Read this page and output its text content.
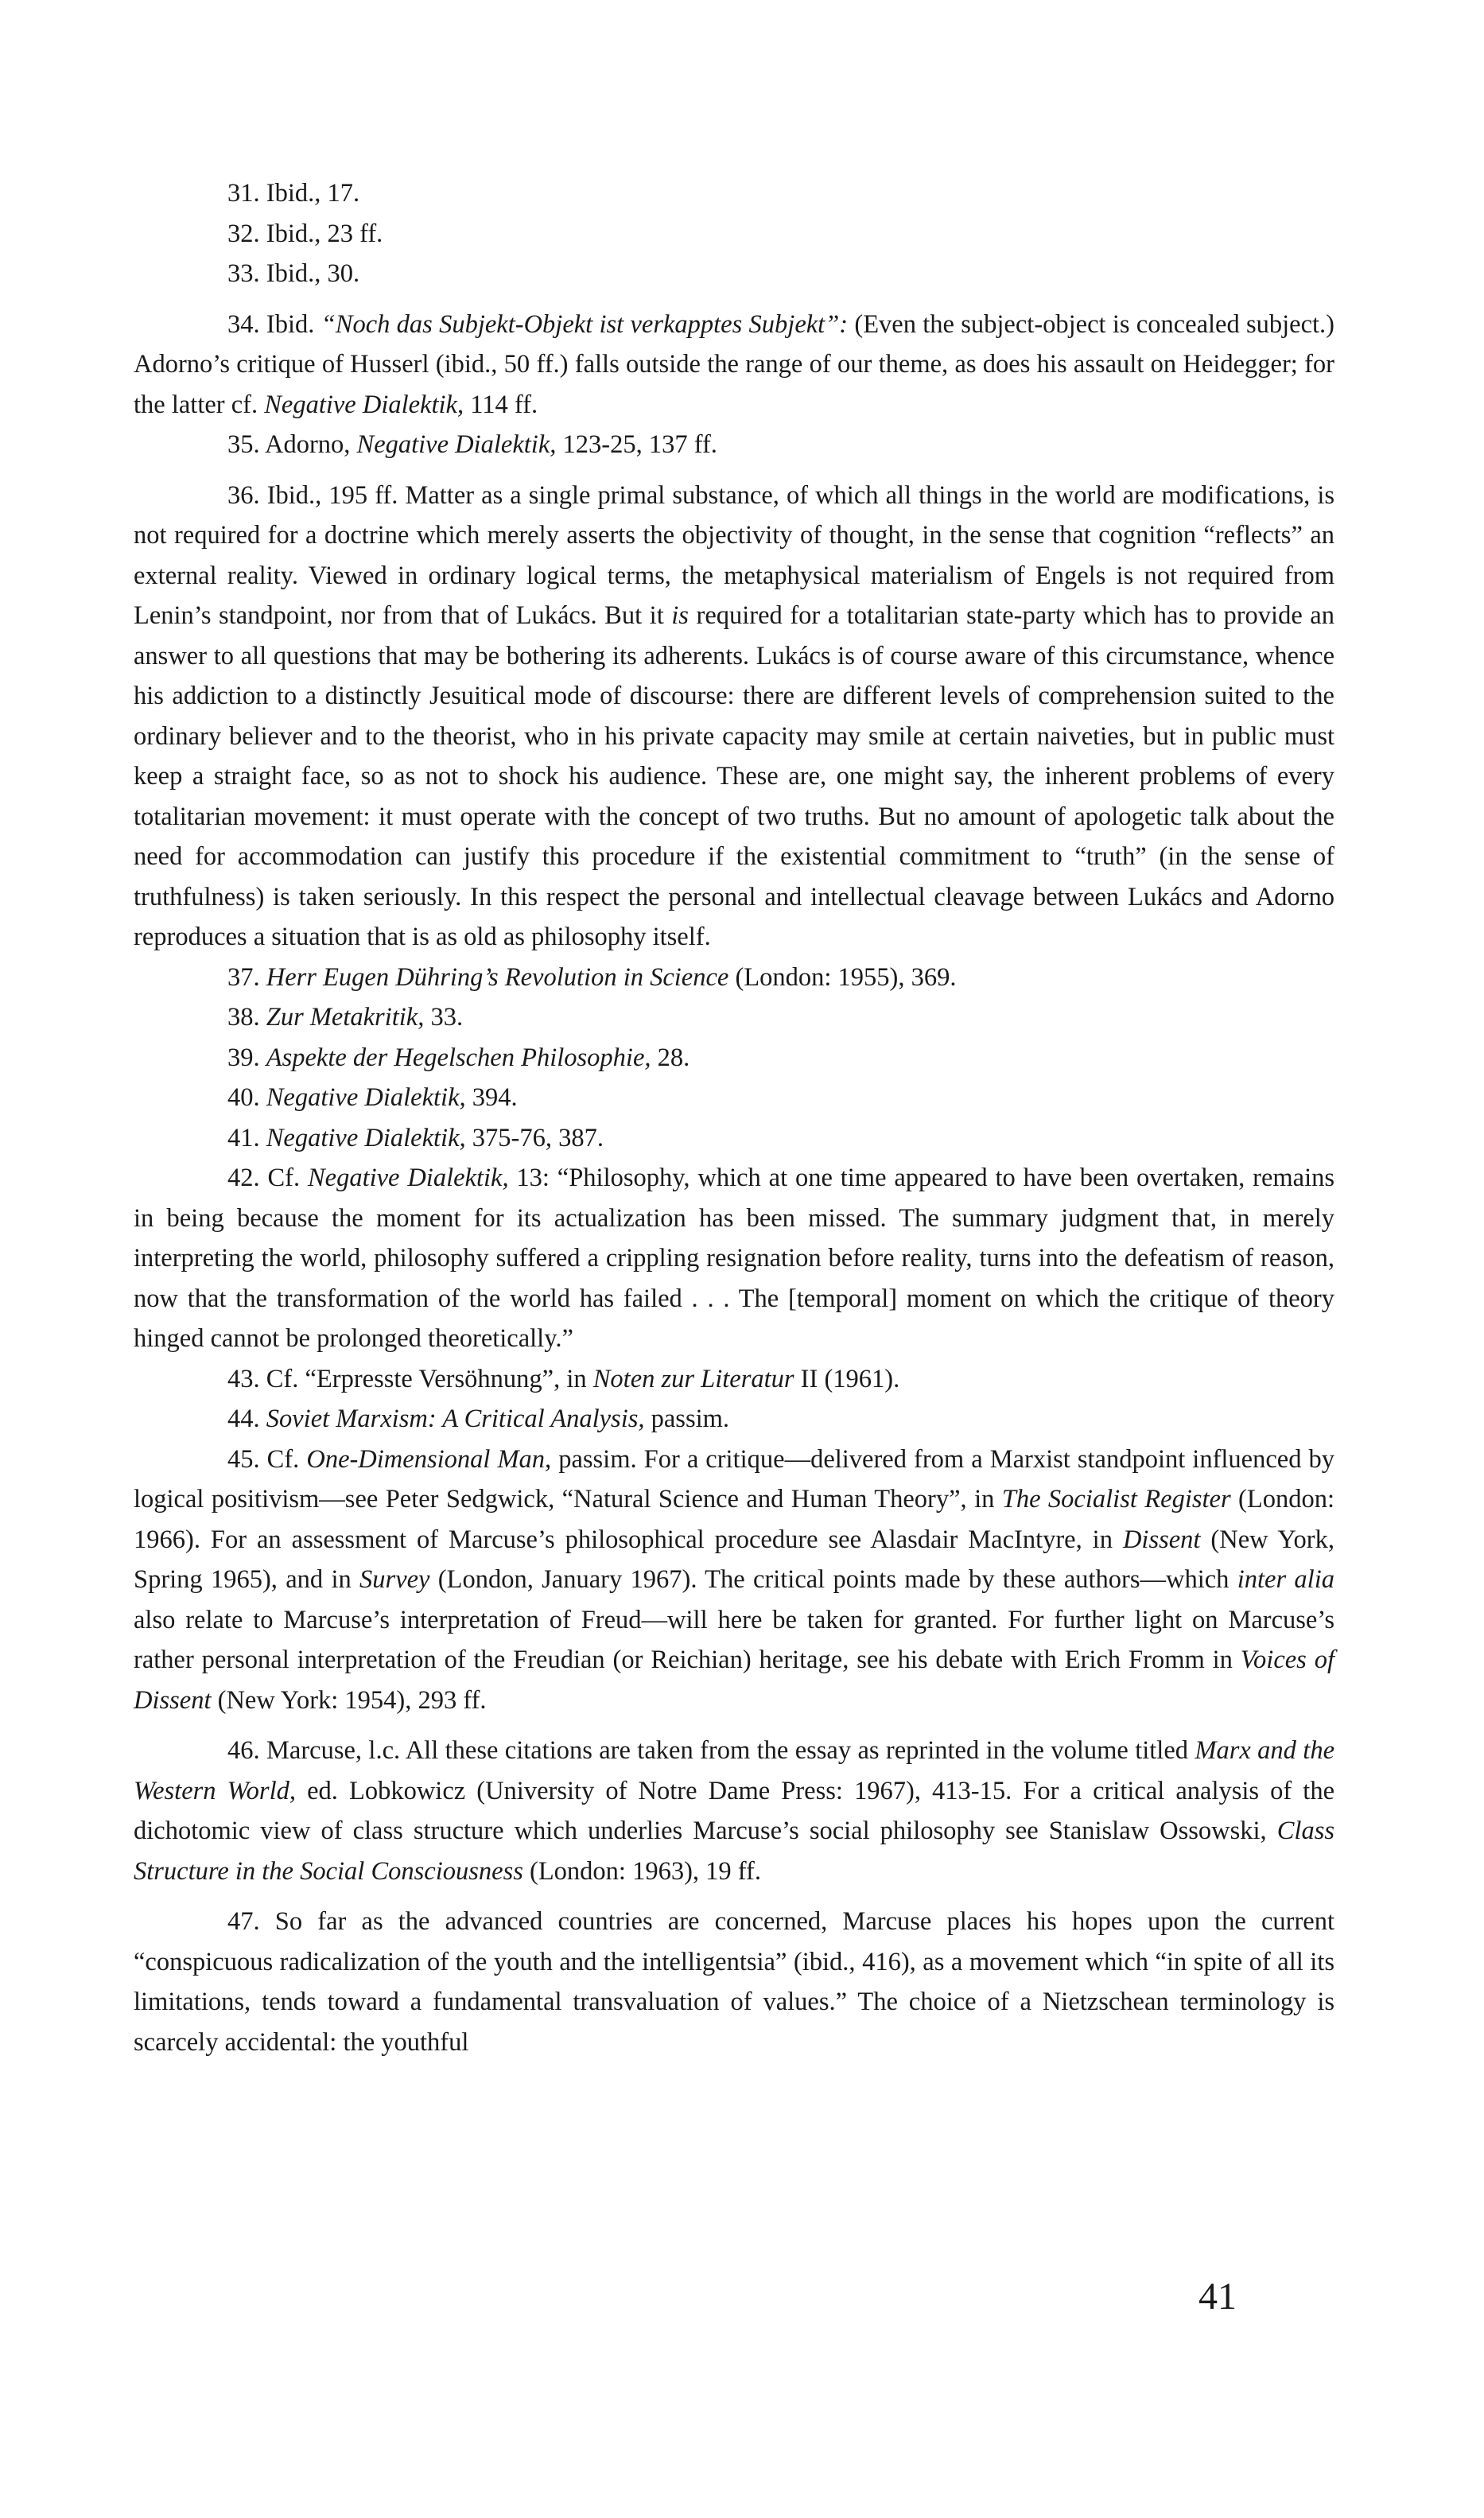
31. Ibid., 17.

32. Ibid., 23 ff.

33. Ibid., 30.

34. Ibid. “Noch das Subjekt-Objekt ist verkapptes Subjekt”: (Even the subject-object is concealed subject.) Adorno’s critique of Husserl (ibid., 50 ff.) falls outside the range of our theme, as does his assault on Heidegger; for the latter cf. Negative Dialektik, 114 ff.

35. Adorno, Negative Dialektik, 123-25, 137 ff.

36. Ibid., 195 ff. Matter as a single primal substance, of which all things in the world are modifications, is not required for a doctrine which merely asserts the objectivity of thought, in the sense that cognition “reflects” an external reality. Viewed in ordinary logical terms, the metaphysical materialism of Engels is not required from Lenin’s standpoint, nor from that of Lukács. But it is required for a totalitarian state-party which has to provide an answer to all questions that may be bothering its adherents. Lukács is of course aware of this circumstance, whence his addiction to a distinctly Jesuitical mode of discourse: there are different levels of comprehension suited to the ordinary believer and to the theorist, who in his private capacity may smile at certain naiveties, but in public must keep a straight face, so as not to shock his audience. These are, one might say, the inherent problems of every totalitarian movement: it must operate with the concept of two truths. But no amount of apologetic talk about the need for accommodation can justify this procedure if the existential commitment to “truth” (in the sense of truthfulness) is taken seriously. In this respect the personal and intellectual cleavage between Lukács and Adorno reproduces a situation that is as old as philosophy itself.

37. Herr Eugen Dühring’s Revolution in Science (London: 1955), 369.

38. Zur Metakritik, 33.

39. Aspekte der Hegelschen Philosophie, 28.

40. Negative Dialektik, 394.

41. Negative Dialektik, 375-76, 387.

42. Cf. Negative Dialektik, 13: “Philosophy, which at one time appeared to have been overtaken, remains in being because the moment for its actualization has been missed. The summary judgment that, in merely interpreting the world, philosophy suffered a crippling resignation before reality, turns into the defeatism of reason, now that the transformation of the world has failed . . . The [temporal] moment on which the critique of theory hinged cannot be prolonged theoretically.”

43. Cf. “Erpresste Versöhnung”, in Noten zur Literatur II (1961).

44. Soviet Marxism: A Critical Analysis, passim.

45. Cf. One-Dimensional Man, passim. For a critique—delivered from a Marxist standpoint influenced by logical positivism—see Peter Sedgwick, “Natural Science and Human Theory”, in The Socialist Register (London: 1966). For an assessment of Marcuse’s philosophical procedure see Alasdair MacIntyre, in Dissent (New York, Spring 1965), and in Survey (London, January 1967). The critical points made by these authors—which inter alia also relate to Marcuse’s interpretation of Freud—will here be taken for granted. For further light on Marcuse’s rather personal interpretation of the Freudian (or Reichian) heritage, see his debate with Erich Fromm in Voices of Dissent (New York: 1954), 293 ff.

46. Marcuse, l.c. All these citations are taken from the essay as reprinted in the volume titled Marx and the Western World, ed. Lobkowicz (University of Notre Dame Press: 1967), 413-15. For a critical analysis of the dichotomic view of class structure which underlies Marcuse’s social philosophy see Stanislaw Ossowski, Class Structure in the Social Consciousness (London: 1963), 19 ff.

47. So far as the advanced countries are concerned, Marcuse places his hopes upon the current “conspicuous radicalization of the youth and the intelligentsia” (ibid., 416), as a movement which “in spite of all its limitations, tends toward a fundamental transvaluation of values.” The choice of a Nietzschean terminology is scarcely accidental: the youthful

41
